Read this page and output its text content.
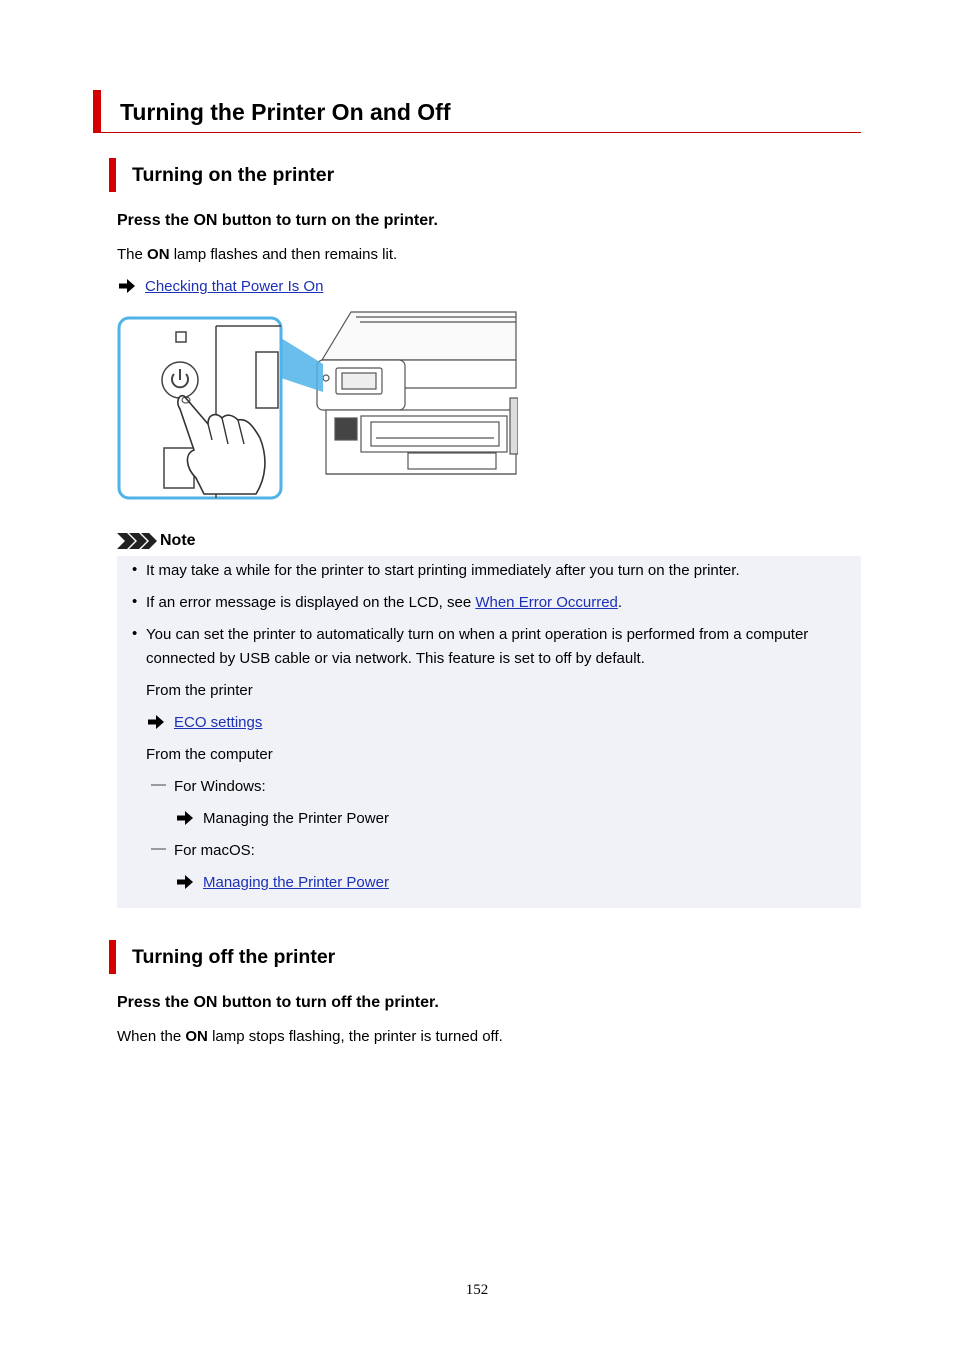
Turning the Printer On and Off
Turning on the printer
Press the ON button to turn on the printer.
The ON lamp flashes and then remains lit.
Checking that Power Is On
Note
• It may take a while for the printer to start printing immediately after you turn on the printer.
• If an error message is displayed on the LCD, see When Error Occurred.
• You can set the printer to automatically turn on when a print operation is performed from a computer
connected by USB cable or via network. This feature is set to off by default.
From the printer
ECO settings
From the computer
— For Windows:
Managing the Printer Power
— For macOS:
Managing the Printer Power
Turning off the printer
Press the ON button to turn off the printer.
When the ON lamp stops flashing, the printer is turned off.
152
